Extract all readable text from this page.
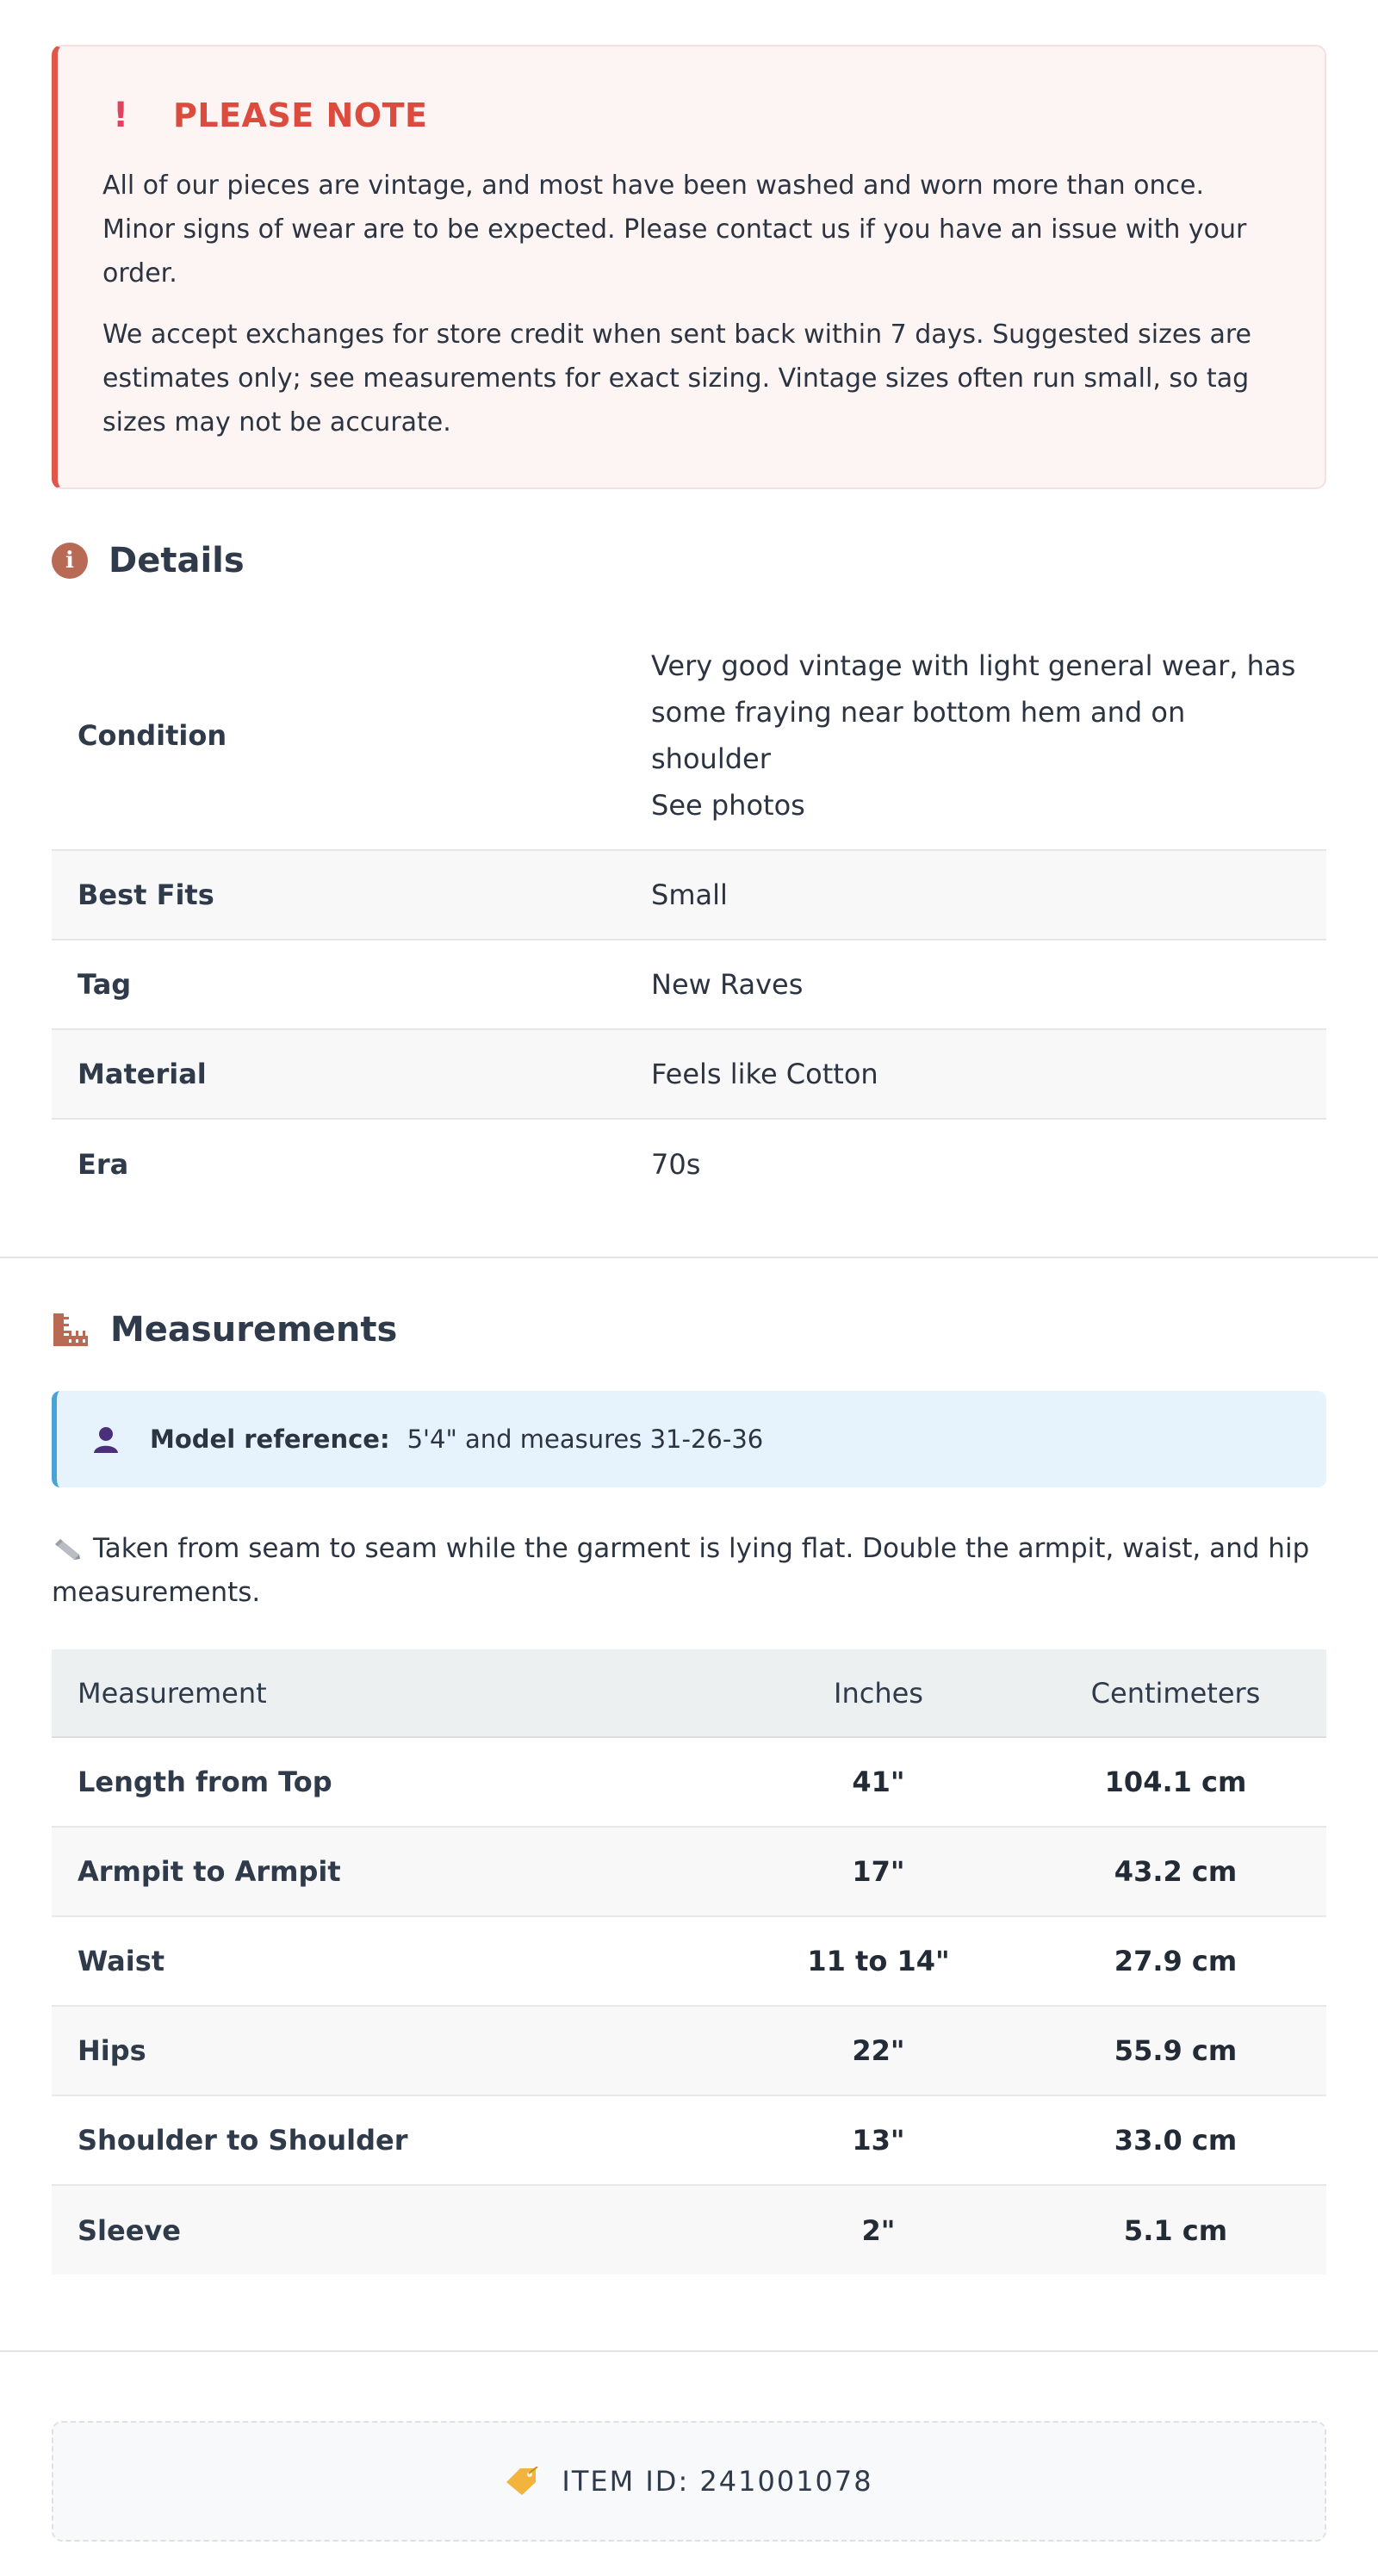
! PLEASE NOTE

All of our pieces are vintage, and most have been washed and worn more than once. Minor signs of wear are to be expected. Please contact us if you have an issue with your order.

We accept exchanges for store credit when sent back within 7 days. Suggested sizes are estimates only; see measurements for exact sizing. Vintage sizes often run small, so tag sizes may not be accurate.

i	Details
Condition	Very good vintage with light general wear, has some fraying near bottom hem and on shoulder
See photos

Best Fits	Small
Tag	New Raves
Material	Feels like Cotton
Era	70s
Measurements
Model reference: 5'4" and measures 31-26-36

Taken from seam to seam while the garment is lying flat. Double the armpit, waist, and hip measurements.

Measurement	Inches	Centimeters
Length from Top	41"	104.1 cm
Armpit to Armpit	17"	43.2 cm
Waist	11 to 14"	27.9 cm
Hips	22"	55.9 cm
Shoulder to Shoulder	13"	33.0 cm
Sleeve	2"	5.1 cm
ITEM ID: 241001078
